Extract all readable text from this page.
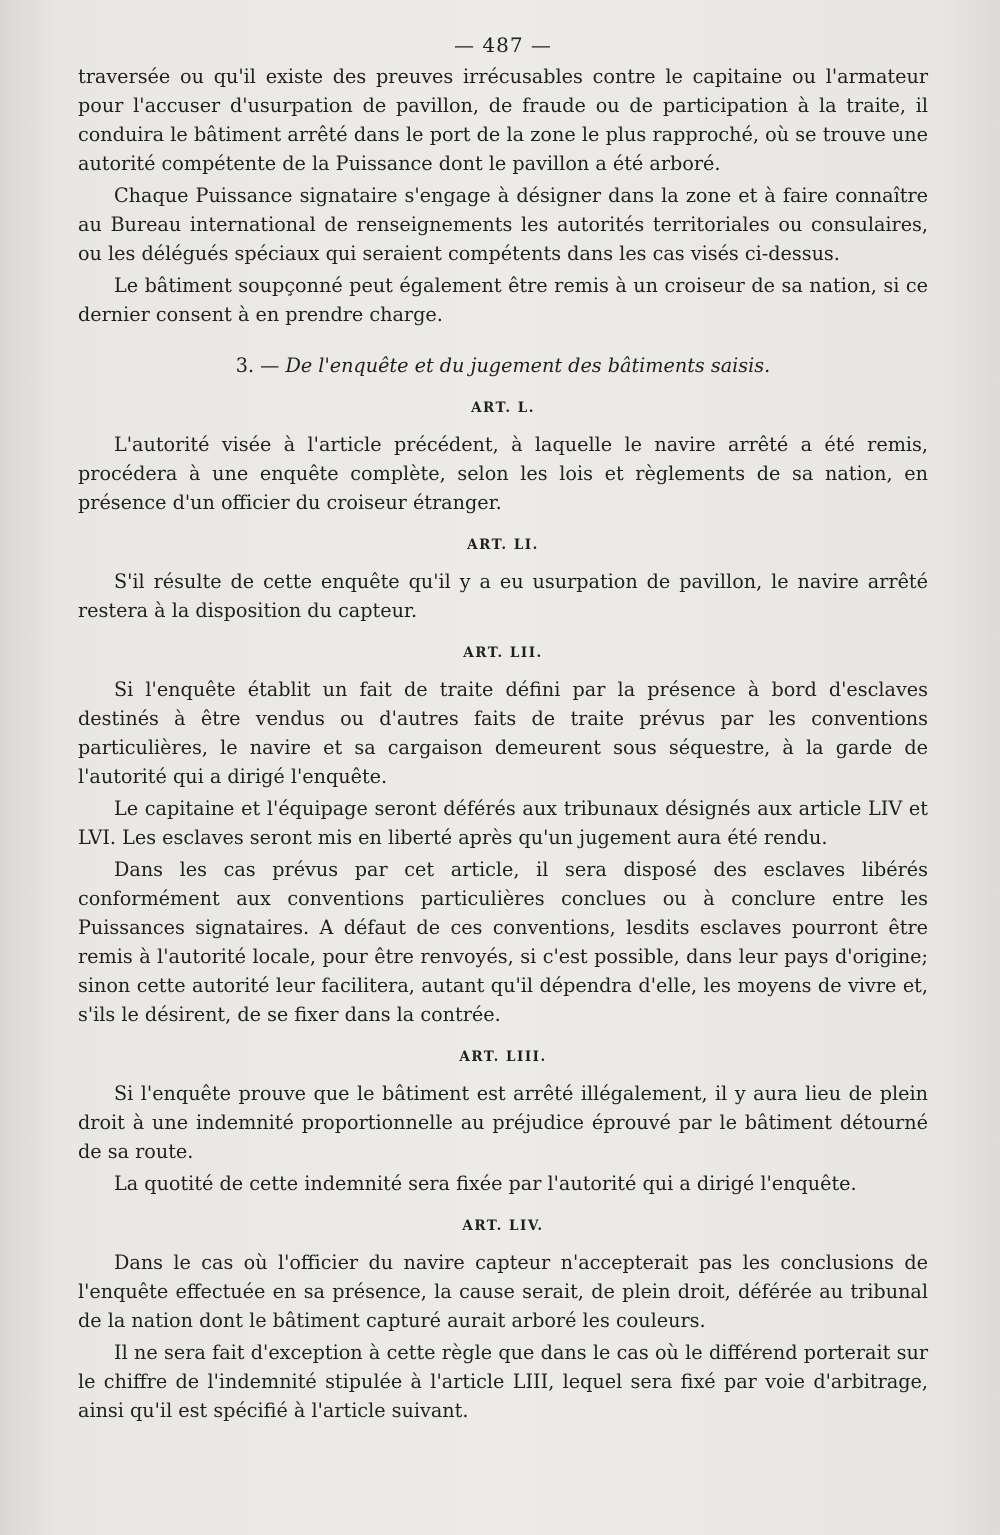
— 487 —

traversée ou qu'il existe des preuves irrécusables contre le capitaine ou l'armateur pour l'accuser d'usurpation de pavillon, de fraude ou de participation à la traite, il conduira le bâtiment arrêté dans le port de la zone le plus rapproché, où se trouve une autorité compétente de la Puissance dont le pavillon a été arboré.

Chaque Puissance signataire s'engage à désigner dans la zone et à faire connaître au Bureau international de renseignements les autorités territoriales ou consulaires, ou les délégués spéciaux qui seraient compétents dans les cas visés ci-dessus.

Le bâtiment soupçonné peut également être remis à un croiseur de sa nation, si ce dernier consent à en prendre charge.

3. — De l'enquête et du jugement des bâtiments saisis.
ART. L.

L'autorité visée à l'article précédent, à laquelle le navire arrêté a été remis, procédera à une enquête complète, selon les lois et règlements de sa nation, en présence d'un officier du croiseur étranger.

ART. LI.

S'il résulte de cette enquête qu'il y a eu usurpation de pavillon, le navire arrêté restera à la disposition du capteur.

ART. LII.

Si l'enquête établit un fait de traite défini par la présence à bord d'esclaves destinés à être vendus ou d'autres faits de traite prévus par les conventions particulières, le navire et sa cargaison demeurent sous séquestre, à la garde de l'autorité qui a dirigé l'enquête.

Le capitaine et l'équipage seront déférés aux tribunaux désignés aux article LIV et LVI. Les esclaves seront mis en liberté après qu'un jugement aura été rendu.

Dans les cas prévus par cet article, il sera disposé des esclaves libérés conformément aux conventions particulières conclues ou à conclure entre les Puissances signataires. A défaut de ces conventions, lesdits esclaves pourront être remis à l'autorité locale, pour être renvoyés, si c'est possible, dans leur pays d'origine; sinon cette autorité leur facilitera, autant qu'il dépendra d'elle, les moyens de vivre et, s'ils le désirent, de se fixer dans la contrée.

ART. LIII.

Si l'enquête prouve que le bâtiment est arrêté illégalement, il y aura lieu de plein droit à une indemnité proportionnelle au préjudice éprouvé par le bâtiment détourné de sa route.

La quotité de cette indemnité sera fixée par l'autorité qui a dirigé l'enquête.

ART. LIV.

Dans le cas où l'officier du navire capteur n'accepterait pas les conclusions de l'enquête effectuée en sa présence, la cause serait, de plein droit, déférée au tribunal de la nation dont le bâtiment capturé aurait arboré les couleurs.

Il ne sera fait d'exception à cette règle que dans le cas où le différend porterait sur le chiffre de l'indemnité stipulée à l'article LIII, lequel sera fixé par voie d'arbitrage, ainsi qu'il est spécifié à l'article suivant.
